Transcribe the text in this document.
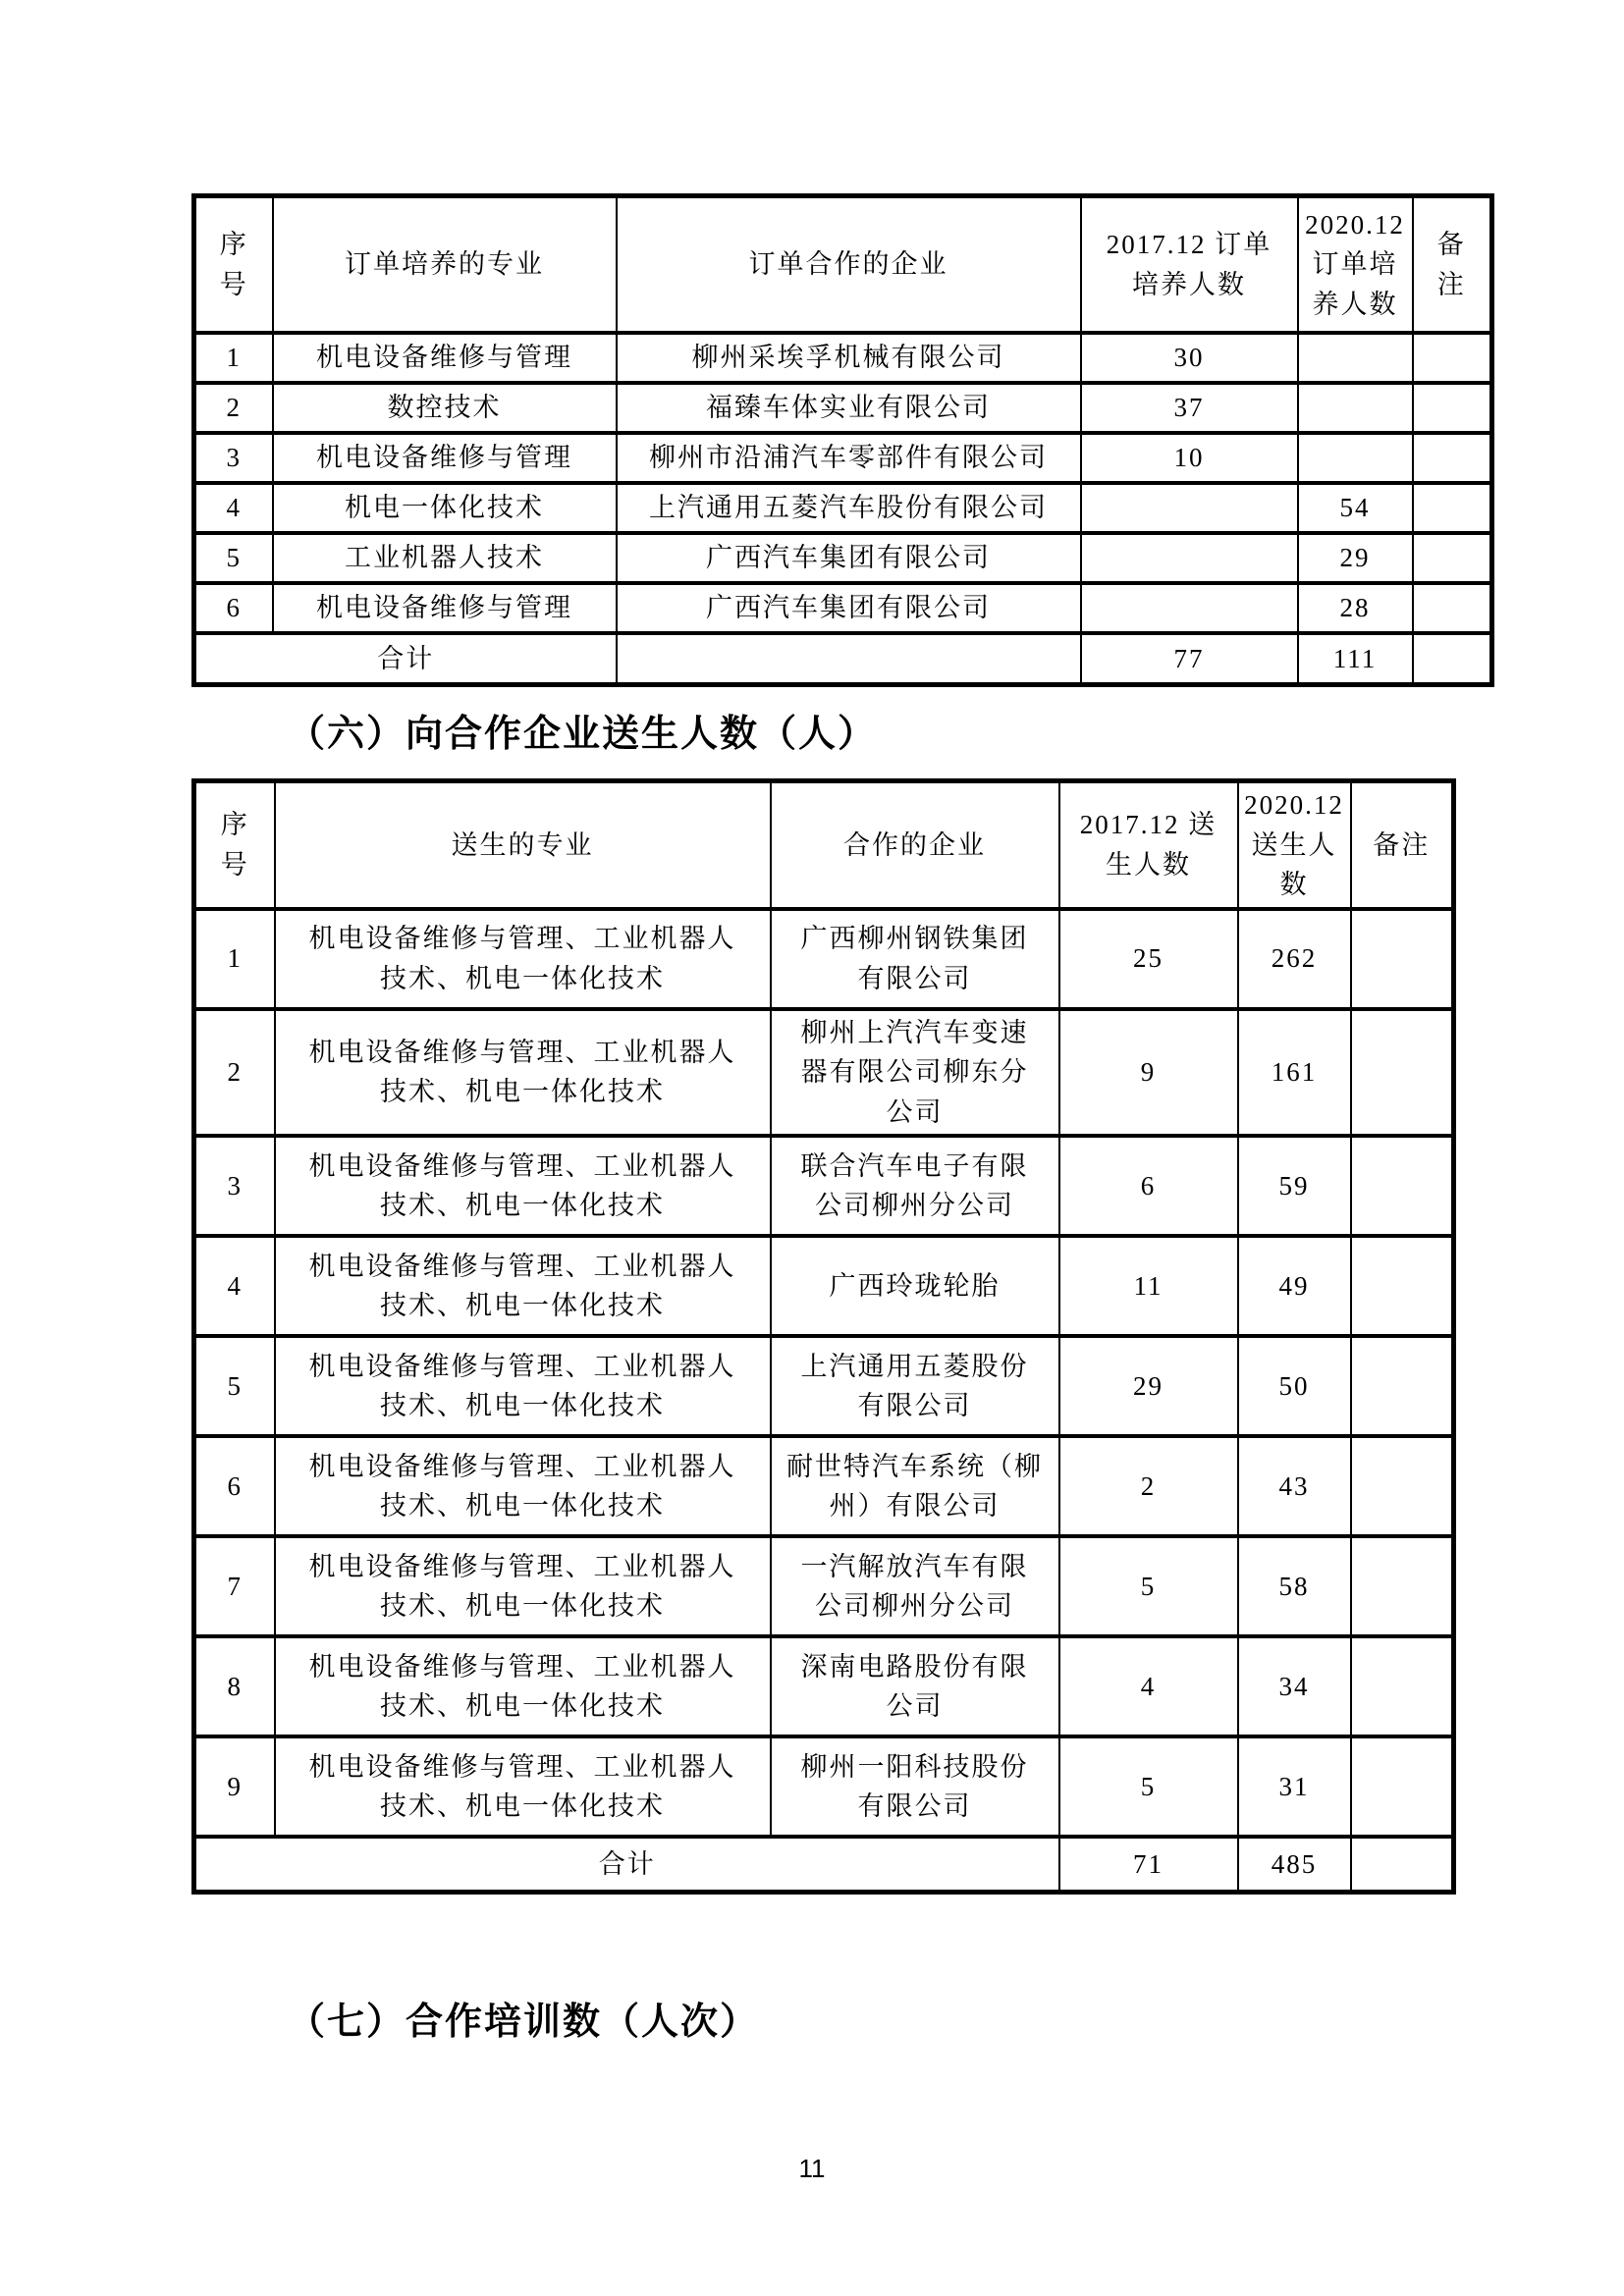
序
号	订单培养的专业	订单合作的企业	2017.12 订单
培养人数	2020.12
订单培
养人数	备
注
1	机电设备维修与管理	柳州采埃孚机械有限公司	30		
2	数控技术	福臻车体实业有限公司	37		
3	机电设备维修与管理	柳州市沿浦汽车零部件有限公司	10		
4	机电一体化技术	上汽通用五菱汽车股份有限公司		54	
5	工业机器人技术	广西汽车集团有限公司		29	
6	机电设备维修与管理	广西汽车集团有限公司		28	
合计			77	111	
（六）向合作企业送生人数（人）
序
号	送生的专业	合作的企业	2017.12 送
生人数	2020.12
送生人
数	备注
1	机电设备维修与管理、工业机器人
技术、机电一体化技术	广西柳州钢铁集团
有限公司	25	262	
2	机电设备维修与管理、工业机器人
技术、机电一体化技术	柳州上汽汽车变速
器有限公司柳东分
公司	9	161	
3	机电设备维修与管理、工业机器人
技术、机电一体化技术	联合汽车电子有限
公司柳州分公司	6	59	
4	机电设备维修与管理、工业机器人
技术、机电一体化技术	广西玲珑轮胎	11	49	
5	机电设备维修与管理、工业机器人
技术、机电一体化技术	上汽通用五菱股份
有限公司	29	50	
6	机电设备维修与管理、工业机器人
技术、机电一体化技术	耐世特汽车系统（柳
州）有限公司	2	43	
7	机电设备维修与管理、工业机器人
技术、机电一体化技术	一汽解放汽车有限
公司柳州分公司	5	58	
8	机电设备维修与管理、工业机器人
技术、机电一体化技术	深南电路股份有限
公司	4	34	
9	机电设备维修与管理、工业机器人
技术、机电一体化技术	柳州一阳科技股份
有限公司	5	31	
合计			71	485	
（七）合作培训数（人次）
11
